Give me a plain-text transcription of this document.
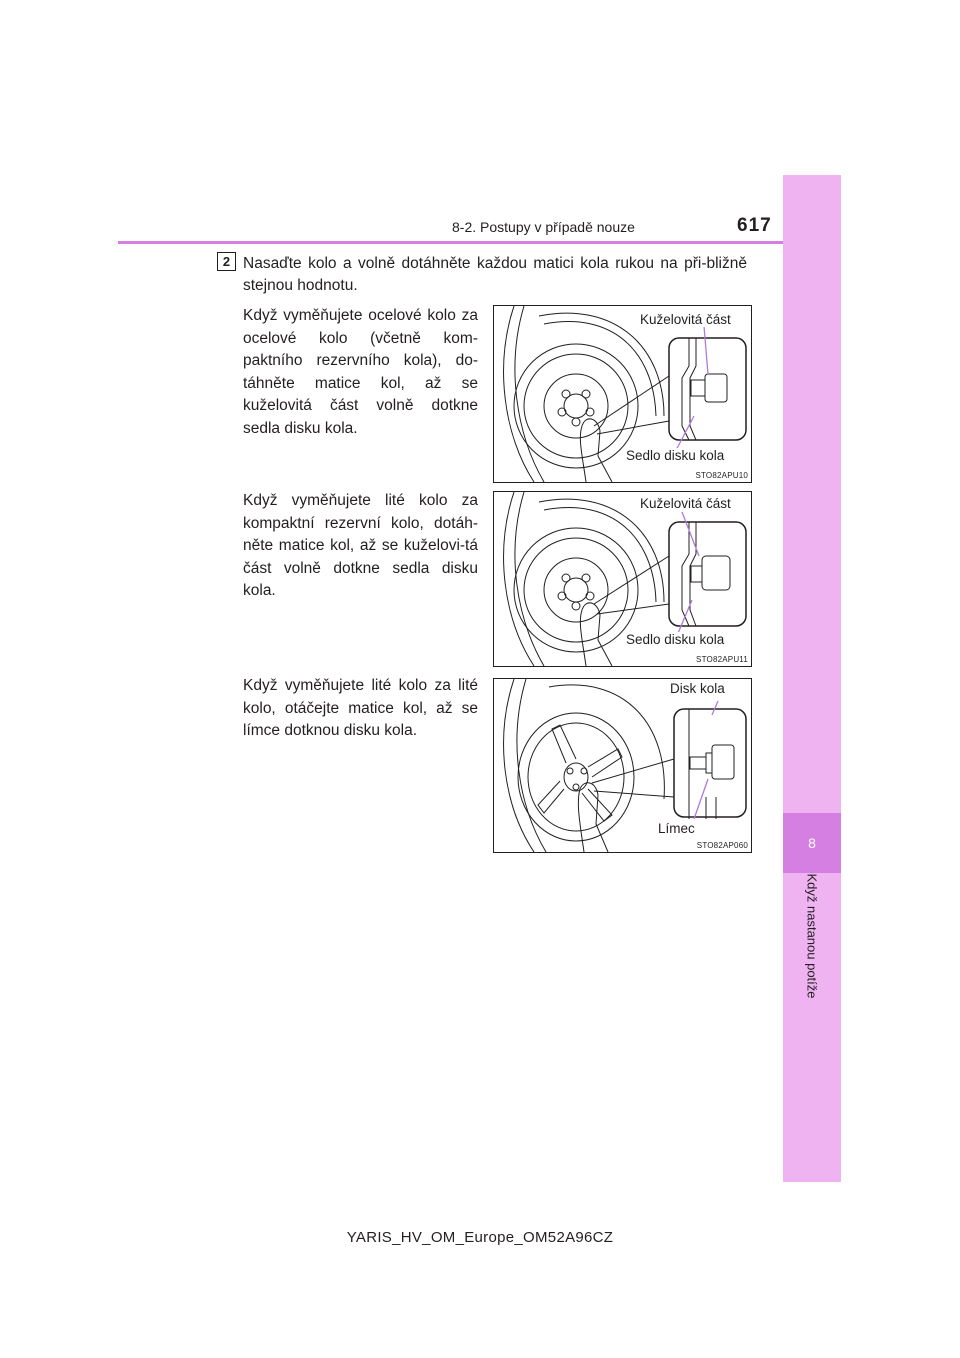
8
Když nastanou potíže
8-2. Postupy v případě nouze	617
2 Nasaďte kolo a volně dotáhněte každou matici kola rukou na při-bližně stejnou hodnotu.
Když vyměňujete ocelové kolo za ocelové kolo (včetně kom-paktního rezervního kola), do-táhněte matice kol, až se kuželovitá část volně dotkne sedla disku kola.
Když vyměňujete lité kolo za kompaktní rezervní kolo, dotáh-něte matice kol, až se kuželovi-tá část volně dotkne sedla disku kola.
Když vyměňujete lité kolo za lité kolo, otáčejte matice kol, až se límce dotknou disku kola.
Kuželovitá část
Sedlo disku kola
STO82APU10
Kuželovitá část
Sedlo disku kola
STO82APU11
Disk kola
Límec
STO82AP060
YARIS_HV_OM_Europe_OM52A96CZ
